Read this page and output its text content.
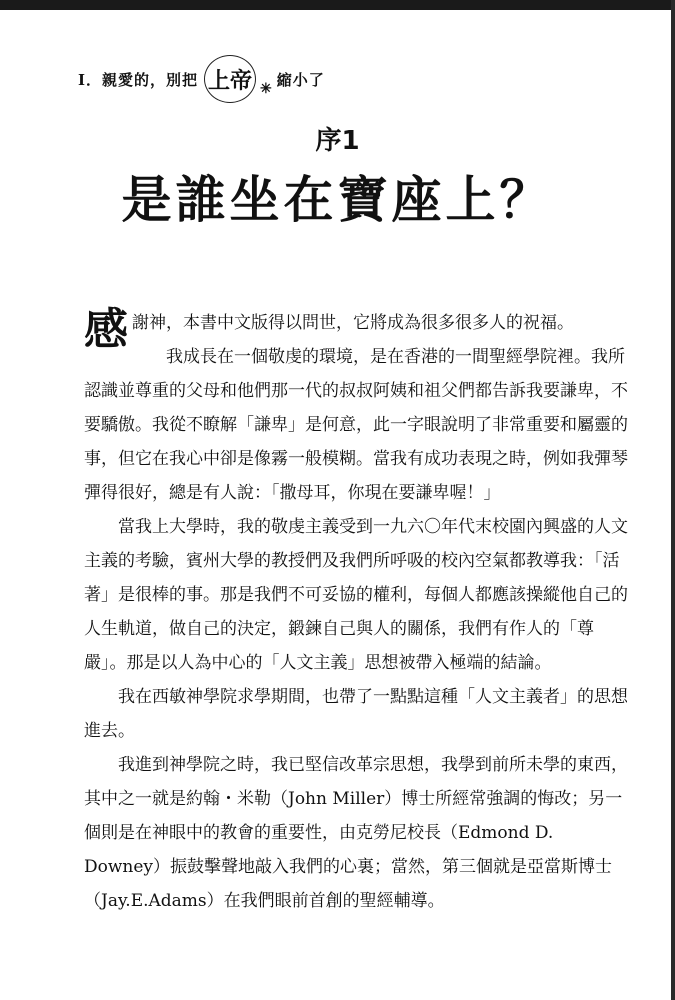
I．親愛的，別把 上帝 ✳
縮小了
序1
是誰坐在寶座上？
感 謝神，本書中文版得以問世，它將成為很多很多人的祝福。

我成長在一個敬虔的環境，是在香港的一間聖經學院裡。我所認識並尊重的父母和他們那一代的叔叔阿姨和祖父們都告訴我要謙卑，不要驕傲。我從不瞭解「謙卑」是何意，此一字眼說明了非常重要和屬靈的事，但它在我心中卻是像霧一般模糊。當我有成功表現之時，例如我彈琴彈得很好，總是有人說：「撒母耳，你現在要謙卑喔！」

當我上大學時，我的敬虔主義受到一九六〇年代末校園內興盛的人文主義的考驗，賓州大學的教授們及我們所呼吸的校內空氣都教導我：「活著」是很棒的事。那是我們不可妥協的權利，每個人都應該操縱他自己的人生軌道，做自己的決定，鍛鍊自己與人的關係，我們有作人的「尊嚴」。那是以人為中心的「人文主義」思想被帶入極端的結論。

我在西敏神學院求學期間，也帶了一點點這種「人文主義者」的思想進去。

我進到神學院之時，我已堅信改革宗思想，我學到前所未學的東西，其中之一就是約翰・米勒（John Miller）博士所經常強調的悔改；另一個則是在神眼中的教會的重要性，由克勞尼校長（Edmond D. Downey）振鼓擊聲地敲入我們的心裏；當然，第三個就是亞當斯博士（Jay.E.Adams）在我們眼前首創的聖經輔導。
